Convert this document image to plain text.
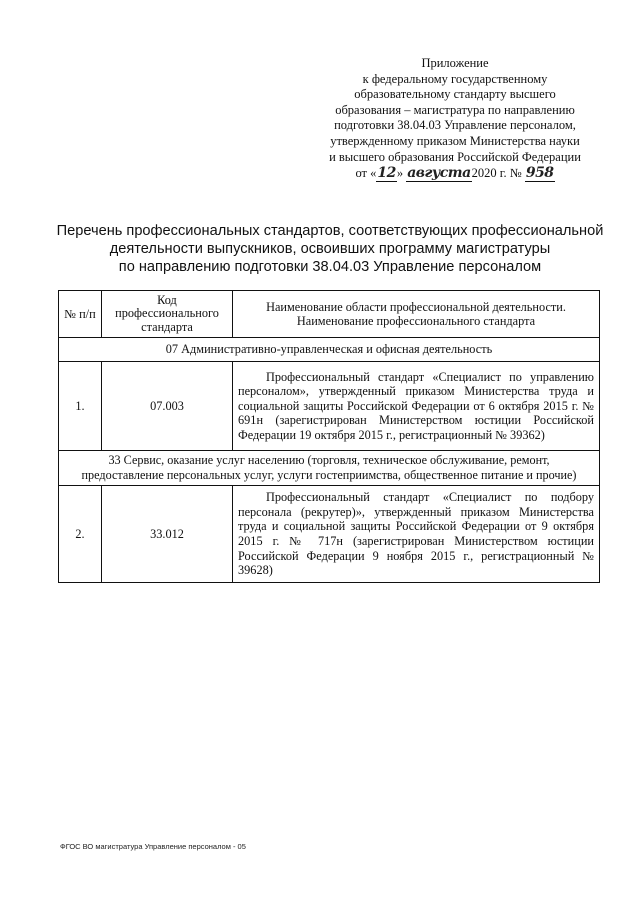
Приложение
к федеральному государственному
образовательному стандарту высшего
образования – магистратура по направлению
подготовки 38.04.03 Управление персоналом,
утвержденному приказом Министерства науки
и высшего образования Российской Федерации
от «12» августа2020 г. № 958
Перечень профессиональных стандартов, соответствующих профессиональной
деятельности выпускников, освоивших программу магистратуры
по направлению подготовки 38.04.03 Управление персоналом
№ п/п	Код профессионального стандарта	Наименование области профессиональной деятельности.
Наименование профессионального стандарта
07 Административно-управленческая и офисная деятельность		
1.	07.003	Профессиональный стандарт «Специалист по управлению персоналом», утвержденный приказом Министерства труда и социальной защиты Российской Федерации от 6 октября 2015 г. № 691н (зарегистрирован Министерством юстиции Российской Федерации 19 октября 2015 г., регистрационный № 39362)
33 Сервис, оказание услуг населению (торговля, техническое обслуживание, ремонт,
предоставление персональных услуг, услуги гостеприимства, общественное питание и прочие)		
2.	33.012	Профессиональный стандарт «Специалист по подбору персонала (рекрутер)», утвержденный приказом Министерства труда и социальной защиты Российской Федерации от 9 октября 2015 г. № 717н (зарегистрирован Министерством юстиции Российской Федерации 9 ноября 2015 г., регистрационный № 39628)
ФГОС ВО магистратура Управление персоналом - 05
